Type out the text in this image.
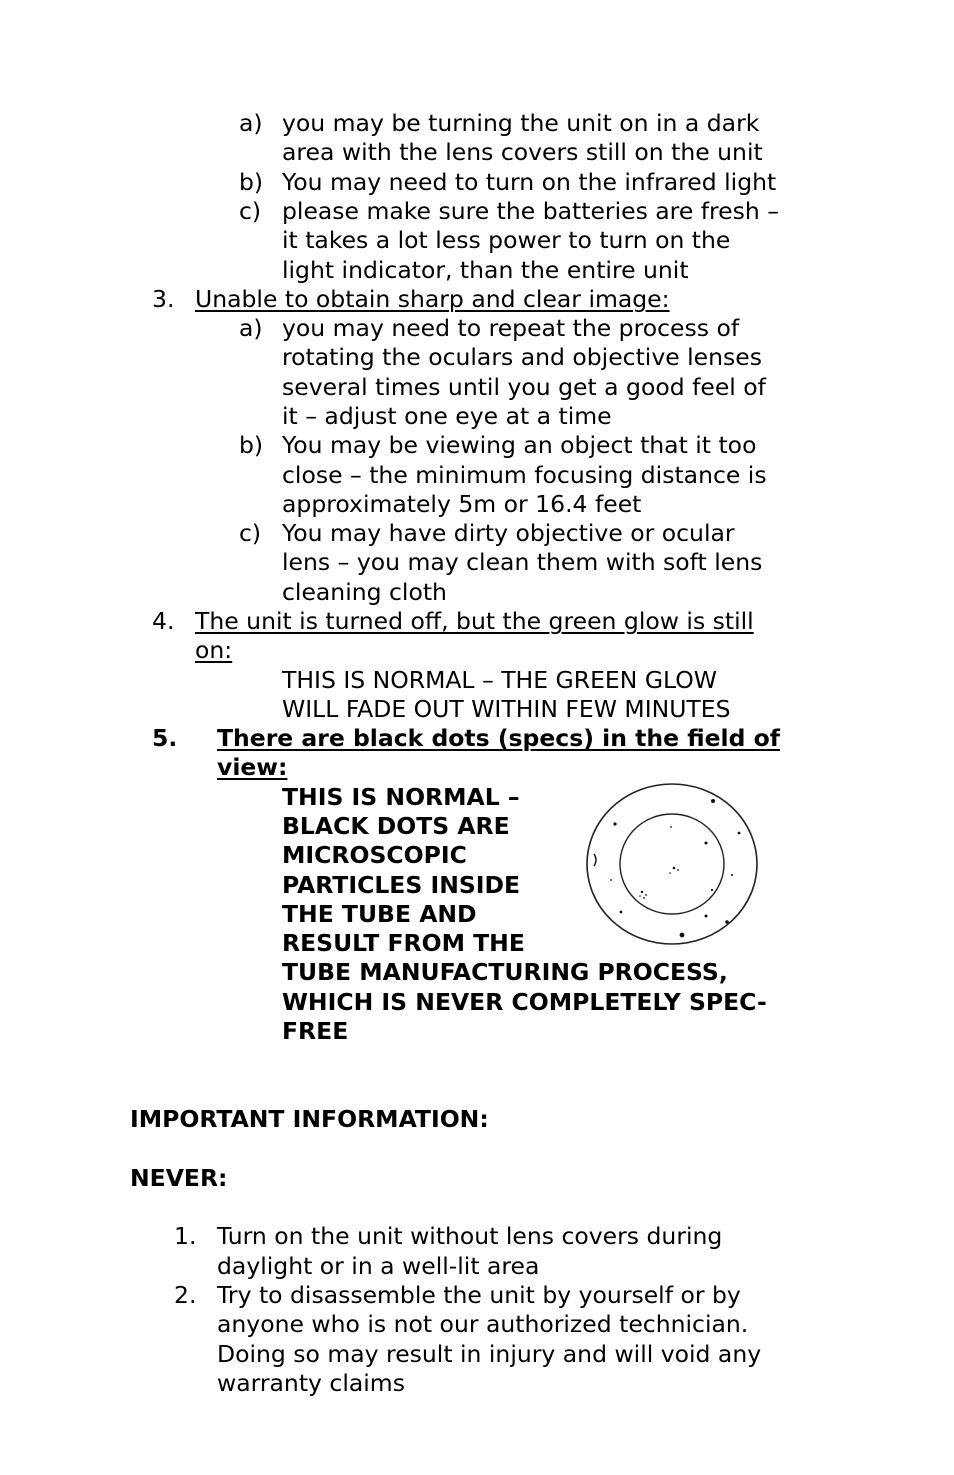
a) you may be turning the unit on in a dark
area with the lens covers still on the unit
b) You may need to turn on the infrared light
c) please make sure the batteries are fresh –
it takes a lot less power to turn on the
light indicator, than the entire unit
3. Unable to obtain sharp and clear image:
a) you may need to repeat the process of
rotating the oculars and objective lenses
several times until you get a good feel of
it – adjust one eye at a time
b) You may be viewing an object that it too
close – the minimum focusing distance is
approximately 5m or 16.4 feet
c) You may have dirty objective or ocular
lens – you may clean them with soft lens
cleaning cloth
4. The unit is turned off, but the green glow is still
on:
THIS IS NORMAL – THE GREEN GLOW
WILL FADE OUT WITHIN FEW MINUTES
5. There are black dots (specs) in the field of
view:
THIS IS NORMAL –
BLACK DOTS ARE
MICROSCOPIC
PARTICLES INSIDE
THE TUBE AND
RESULT FROM THE
TUBE MANUFACTURING PROCESS,
WHICH IS NEVER COMPLETELY SPEC-
FREE
IMPORTANT INFORMATION:
NEVER:
1. Turn on the unit without lens covers during
daylight or in a well-lit area
2. Try to disassemble the unit by yourself or by
anyone who is not our authorized technician.
Doing so may result in injury and will void any
warranty claims
